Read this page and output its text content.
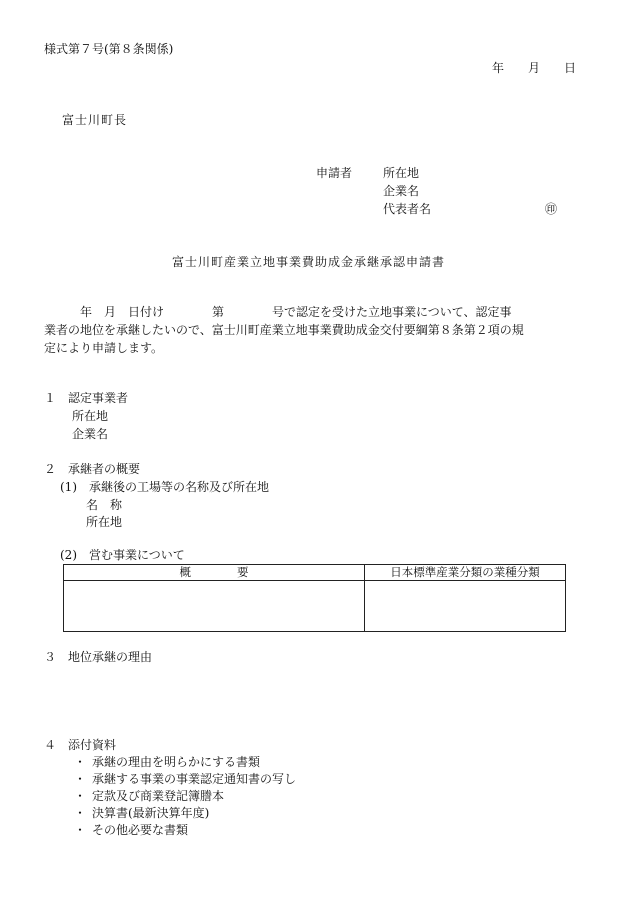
様式第７号(第８条関係)
年　　月　　日
富士川町長
申請者	所在地
企業名
代表者名	㊞
富士川町産業立地事業費助成金承継承認申請書
　　　年　月　日付け　　　　第　　　　号で認定を受けた立地事業について、認定事
業者の地位を承継したいので、富士川町産業立地事業費助成金交付要綱第８条第２項の規
定により申請します。
１　認定事業者
所在地
企業名
２　承継者の概要
(1)　承継後の工場等の名称及び所在地
名　称
所在地
(2)　営む事業について
概　　　　要	日本標準産業分類の業種分類

３　地位承継の理由
４　添付資料
・ 承継の理由を明らかにする書類
・ 承継する事業の事業認定通知書の写し
・ 定款及び商業登記簿謄本
・ 決算書(最新決算年度)
・ その他必要な書類
